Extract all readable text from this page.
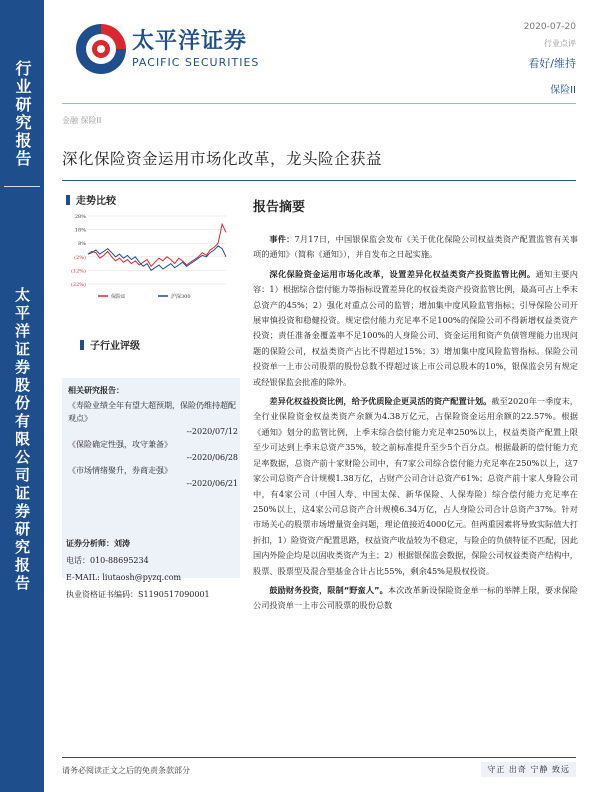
行业研究报告
太平洋证券股份有限公司证券研究报告
太平洋证券
PACIFIC SECURITIES
2020-07-20
行业点评
看好/维持
保险II
金融 保险II
深化保险资金运用市场化改革，龙头险企获益
走势比较
28%
18%
8%
(2%)
(12%)
(22%)
保险II	沪深300
子行业评级
相关研究报告：

《寿险业绩全年有望大超预期，保险仍维持超配观点》

--2020/07/12

《保险确定性强，攻守兼备》

--2020/06/28

《市场情绪聚升，券商走强》

--2020/06/21

证券分析师：刘涛
电话：010-88695234
E-MAIL: liutaosh@pyzq.com
执业资格证书编码：S1190517090001
报告摘要

事件：7月17日，中国银保监会发布《关于优化保险公司权益类资产配置监管有关事项的通知》（简称《通知》），并自发布之日起实施。

深化保险资金运用市场化改革，设置差异化权益类资产投资监管比例。通知主要内容：1）根据综合偿付能力等指标设置差异化的权益类资产投资监管比例，最高可占上季末总资产的45%；2）强化对重点公司的监管；增加集中度风险监管指标；引导保险公司开展审慎投资和稳健投资。规定偿付能力充足率不足100%的保险公司不得新增权益类资产投资；责任准备金覆盖率不足100%的人身险公司、资金运用和资产负债管理能力出现问题的保险公司，权益类资产占比不得超过15%；3）增加集中度风险监管指标。保险公司投资单一上市公司股票的股份总数不得超过该上市公司总股本的10%，银保监会另有规定或经银保监会批准的除外。

差异化权益投资比例，给予优质险企更灵活的资产配置计划。截至2020年一季度末，全行业保险资金权益类资产余额为4.38万亿元，占保险资金运用余额的22.57%。根据《通知》划分的监管比例，上季末综合偿付能力充足率250%以上，权益类资产配置上限至少可达到上季末总资产35%，较之前标准提升至少5个百分点。根据最新的偿付能力充足率数据，总资产前十家财险公司中，有7家公司综合偿付能力充足率在250%以上，这7家公司总资产合计规模1.38万亿，占财产公司合计总资产61%；总资产前十家人身险公司中，有4家公司（中国人寿、中国太保、新华保险、人保寿险）综合偿付能力充足率在250%以上，这4家公司总资产合计规模6.34万亿，占人身险公司合计总资产37%。针对市场关心的股票市场增量资金问题，理论值接近4000亿元。但两重因素将导致实际值大打折扣，1）险资资产配置思路，权益资产收益较为不稳定，与险企的负债特征不匹配，因此国内外险企均是以固收类资产为主；2）根据银保监会数据，保险公司权益类资产结构中，股票、股票型及混合型基金合计占比55%，剩余45%是股权投资。

鼓励财务投资，限制“野蛮人”。本次改革新设保险资金单一标的举牌上限，要求保险公司投资单一上市公司股票的股份总数

请务必阅读正文之后的免责条款部分	守正 出奇 宁静 致远
